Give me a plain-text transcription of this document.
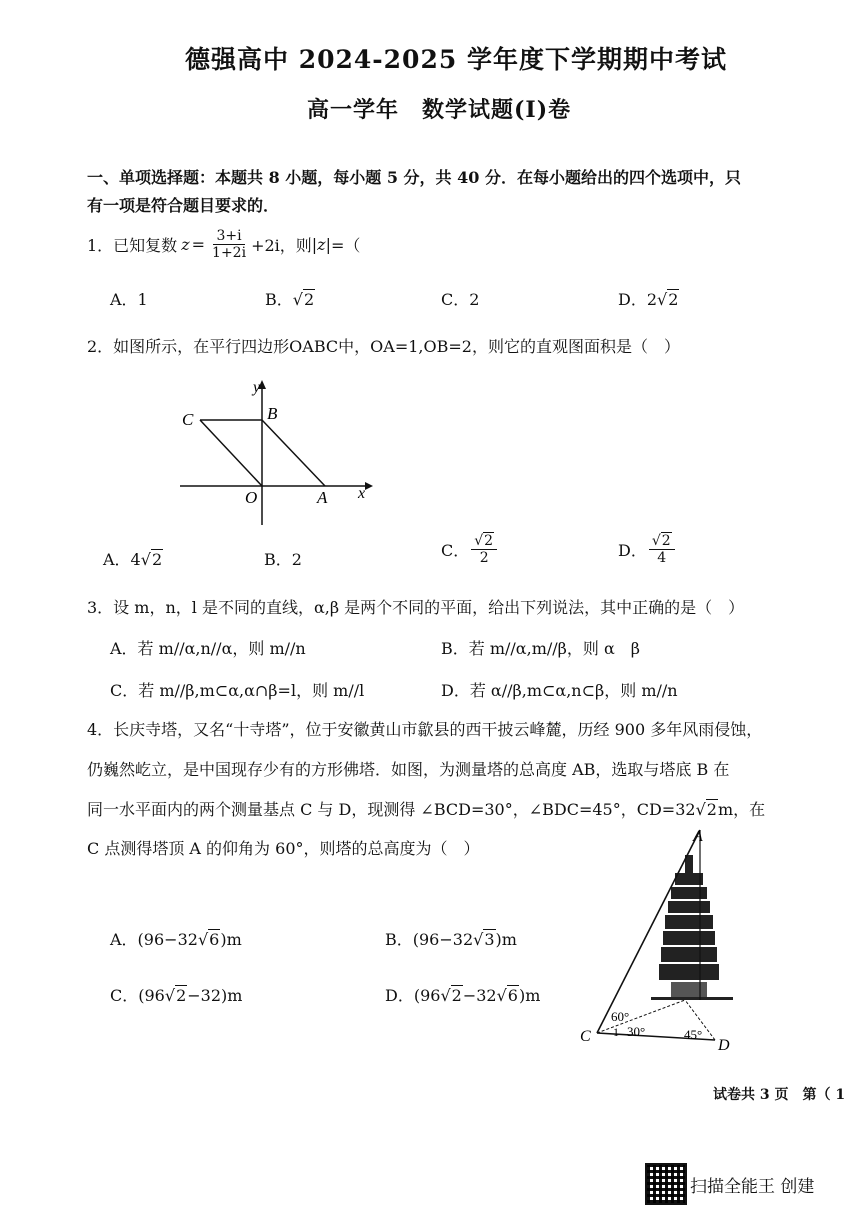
德强高中 2024-2025 学年度下学期期中考试
高一学年　数学试题(I)卷
一、单项选择题：本题共 8 小题，每小题 5 分，共 40 分．在每小题给出的四个选项中，只
有一项是符合题目要求的．
1．已知复数 $z = \frac{3+i}{1+2i} +2i$，则 |z| =（
A．1	B．√2	C．2	D．2√2
2．如图所示，在平行四边形OABC中，OA=1,OB=2，则它的直观图面积是（　）
y
x
C	B
O	A
A．4√2	B．2	C． $\frac{√2}{2}$	D． $\frac{√2}{4}$
3．设 m，n，l 是不同的直线，α,β 是两个不同的平面，给出下列说法，其中正确的是（　）
A．若 m//α,n//α，则 m//n	B．若 m//α,m//β，则 α　β
C．若 m//β,m⊂α,α∩β=l，则 m//l	D．若 α//β,m⊂α,n⊂β，则 m//n
4．长庆寺塔，又名“十寺塔”，位于安徽黄山市歙县的西干披云峰麓，历经 900 多年风雨侵蚀，
仍巍然屹立，是中国现存少有的方形佛塔．如图，为测量塔的总高度 AB，选取与塔底 B 在
同一水平面内的两个测量基点 C 与 D，现测得 ∠BCD=30°，∠BDC=45°，CD=32√2m，在
C 点测得塔顶 A 的仰角为 60°，则塔的总高度为（　）
A．(96−32√6)m	B．(96−32√3)m
C．(96√2−32)m	D．(96√2−32√6)m
A
C
D
60°
1 30°	45°
试卷共 3 页　第（ 1
扫描全能王 创建
